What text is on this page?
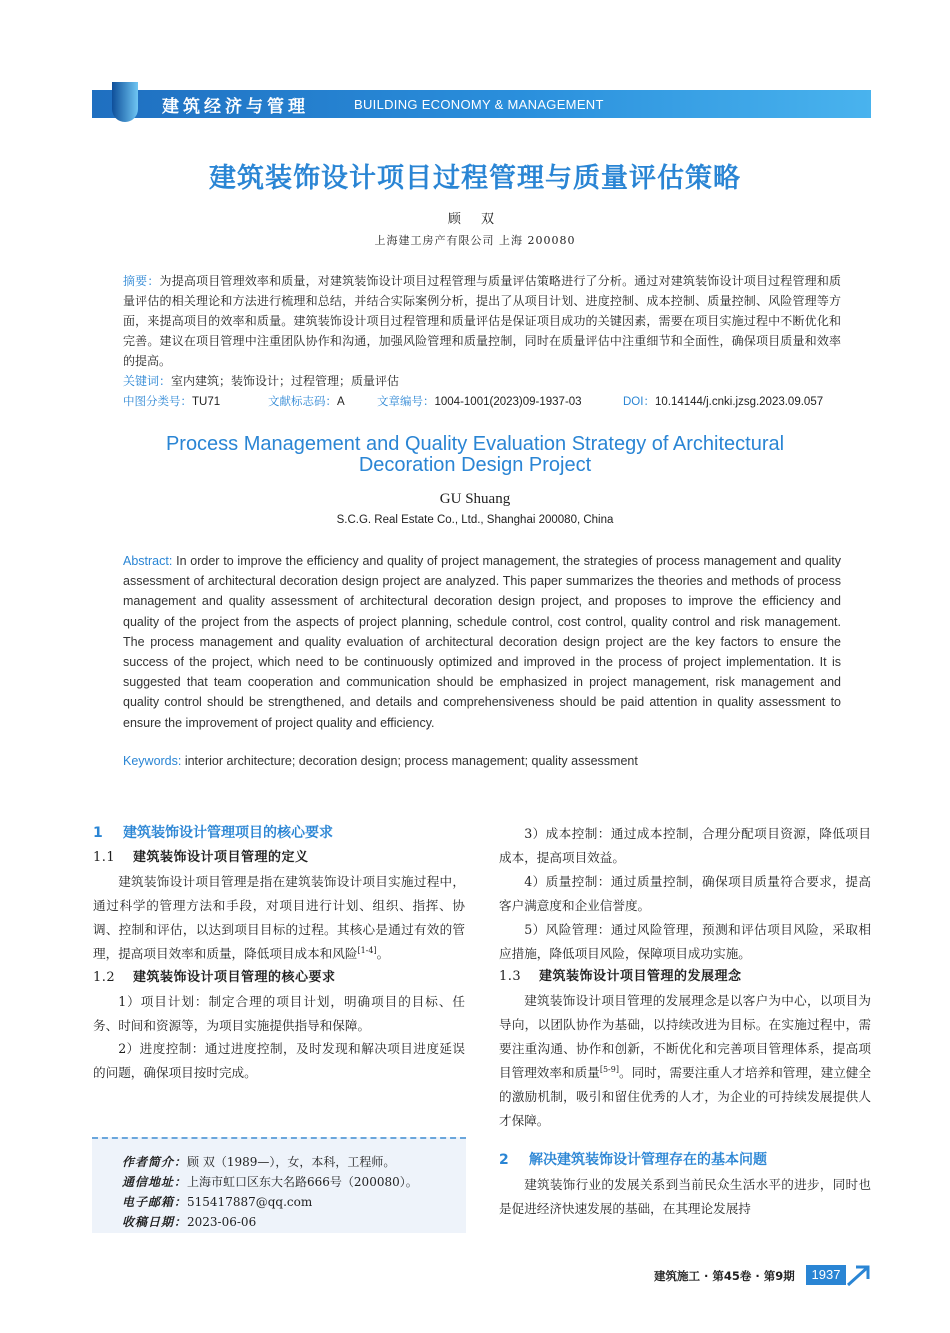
建筑经济与管理	BUILDING ECONOMY & MANAGEMENT
建筑装饰设计项目过程管理与质量评估策略
顾 双
上海建工房产有限公司 上海 200080

摘要：为提高项目管理效率和质量，对建筑装饰设计项目过程管理与质量评估策略进行了分析。通过对建筑装饰设计项目过程管理和质量评估的相关理论和方法进行梳理和总结，并结合实际案例分析，提出了从项目计划、进度控制、成本控制、质量控制、风险管理等方面，来提高项目的效率和质量。建筑装饰设计项目过程管理和质量评估是保证项目成功的关键因素，需要在项目实施过程中不断优化和完善。建议在项目管理中注重团队协作和沟通，加强风险管理和质量控制，同时在质量评估中注重细节和全面性，确保项目质量和效率的提高。

关键词：室内建筑；装饰设计；过程管理；质量评估
中图分类号：TU71	文献标志码：A	文章编号：1004-1001(2023)09-1937-03	DOI：10.14144/j.cnki.jzsg.2023.09.057
Process Management and Quality Evaluation Strategy of Architectural
Decoration Design Project
GU Shuang
S.C.G. Real Estate Co., Ltd., Shanghai 200080, China

Abstract: In order to improve the efficiency and quality of project management, the strategies of process management and quality assessment of architectural decoration design project are analyzed. This paper summarizes the theories and methods of process management and quality assessment of architectural decoration design project, and proposes to improve the efficiency and quality of the project from the aspects of project planning, schedule control, cost control, quality control and risk management. The process management and quality evaluation of architectural decoration design project are the key factors to ensure the success of the project, which need to be continuously optimized and improved in the process of project implementation. It is suggested that team cooperation and communication should be emphasized in project management, risk management and quality control should be strengthened, and details and comprehensiveness should be paid attention in quality assessment to ensure the improvement of project quality and efficiency.

Keywords: interior architecture; decoration design; process management; quality assessment
1 建筑装饰设计管理项目的核心要求
1.1 建筑装饰设计项目管理的定义

建筑装饰设计项目管理是指在建筑装饰设计项目实施过程中，通过科学的管理方法和手段，对项目进行计划、组织、指挥、协调、控制和评估，以达到项目目标的过程。其核心是通过有效的管理，提高项目效率和质量，降低项目成本和风险[1-4]。

1.2 建筑装饰设计项目管理的核心要求

1）项目计划：制定合理的项目计划，明确项目的目标、任务、时间和资源等，为项目实施提供指导和保障。

2）进度控制：通过进度控制，及时发现和解决项目进度延误的问题，确保项目按时完成。

作者简介：顾 双（1989—），女，本科，工程师。
通信地址：上海市虹口区东大名路666号（200080）。
电子邮箱：515417887@qq.com
收稿日期：2023-06-06

3）成本控制：通过成本控制，合理分配项目资源，降低项目成本，提高项目效益。

4）质量控制：通过质量控制，确保项目质量符合要求，提高客户满意度和企业信誉度。

5）风险管理：通过风险管理，预测和评估项目风险，采取相应措施，降低项目风险，保障项目成功实施。

1.3 建筑装饰设计项目管理的发展理念

建筑装饰设计项目管理的发展理念是以客户为中心，以项目为导向，以团队协作为基础，以持续改进为目标。在实施过程中，需要注重沟通、协作和创新，不断优化和完善项目管理体系，提高项目管理效率和质量[5-9]。同时，需要注重人才培养和管理，建立健全的激励机制，吸引和留住优秀的人才，为企业的可持续发展提供人才保障。

2 解决建筑装饰设计管理存在的基本问题

建筑装饰行业的发展关系到当前民众生活水平的进步，同时也是促进经济快速发展的基础，在其理论发展持

建筑施工 · 第45卷 · 第9期	1937
